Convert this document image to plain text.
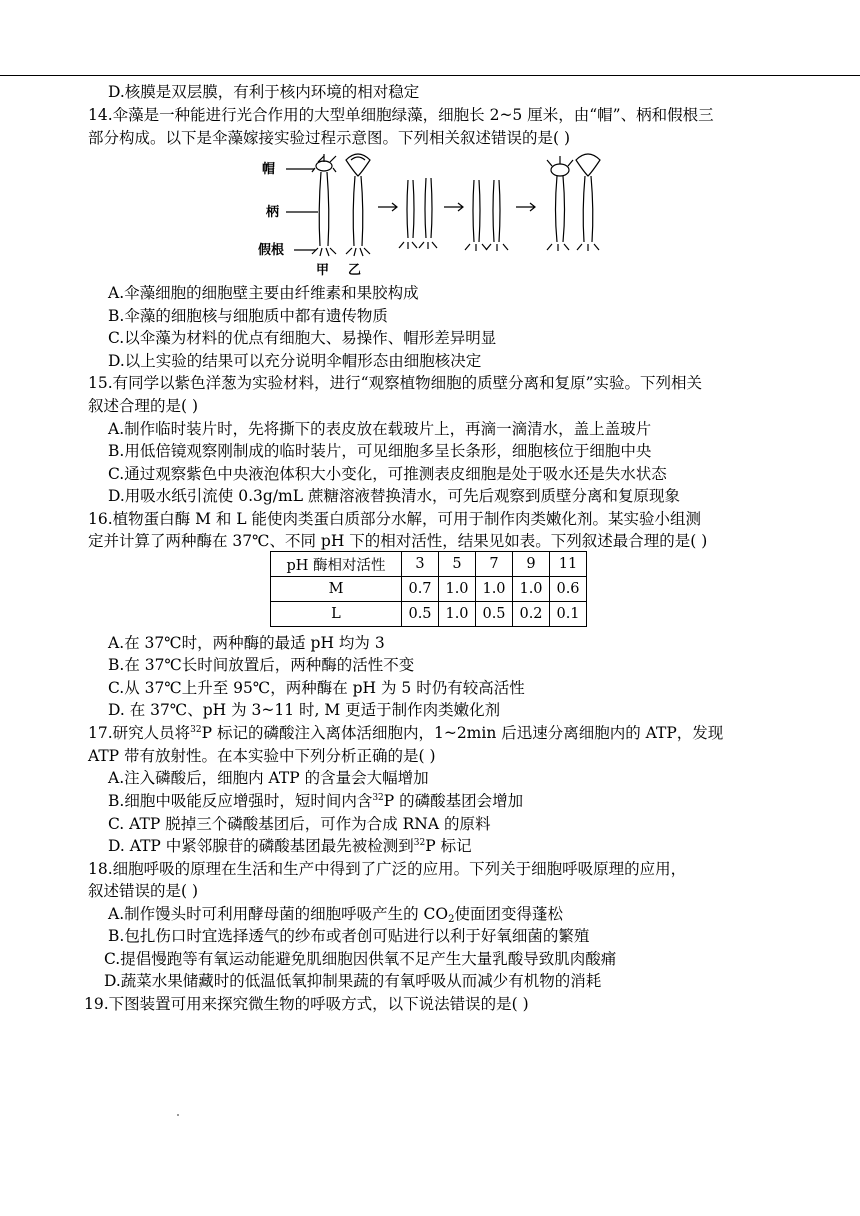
D.核膜是双层膜，有利于核内环境的相对稳定
14.伞藻是一种能进行光合作用的大型单细胞绿藻，细胞长 2~5 厘米，由“帽”、柄和假根三
部分构成。以下是伞藻嫁接实验过程示意图。下列相关叙述错误的是( )
帽
柄
假根
甲 乙
A.伞藻细胞的细胞壁主要由纤维素和果胶构成
B.伞藻的细胞核与细胞质中都有遗传物质
C.以伞藻为材料的优点有细胞大、易操作、帽形差异明显
D.以上实验的结果可以充分说明伞帽形态由细胞核决定
15.有同学以紫色洋葱为实验材料，进行“观察植物细胞的质壁分离和复原”实验。下列相关
叙述合理的是( )
A.制作临时装片时，先将撕下的表皮放在载玻片上，再滴一滴清水，盖上盖玻片
B.用低倍镜观察刚制成的临时装片，可见细胞多呈长条形，细胞核位于细胞中央
C.通过观察紫色中央液泡体积大小变化，可推测表皮细胞是处于吸水还是失水状态
D.用吸水纸引流使 0.3g/mL 蔗糖溶液替换清水，可先后观察到质壁分离和复原现象
16.植物蛋白酶 M 和 L 能使肉类蛋白质部分水解，可用于制作肉类嫩化剂。某实验小组测
定并计算了两种酶在 37℃、不同 pH 下的相对活性，结果见如表。下列叙述最合理的是( )
pH 酶相对活性	3	5	7	9	11
M	0.7	1.0	1.0	1.0	0.6
L	0.5	1.0	0.5	0.2	0.1
A.在 37℃时，两种酶的最适 pH 均为 3
B.在 37℃长时间放置后，两种酶的活性不变
C.从 37℃上升至 95℃，两种酶在 pH 为 5 时仍有较高活性
D. 在 37℃、pH 为 3~11 时, M 更适于制作肉类嫩化剂
17.研究人员将$^{32}$P 标记的磷酸注入离体活细胞内，1~2min 后迅速分离细胞内的 ATP，发现
ATP 带有放射性。在本实验中下列分析正确的是( )
A.注入磷酸后，细胞内 ATP 的含量会大幅增加
B.细胞中吸能反应增强时，短时间内含$^{32}$P 的磷酸基团会增加
C. ATP 脱掉三个磷酸基团后，可作为合成 RNA 的原料
D. ATP 中紧邻腺苷的磷酸基团最先被检测到$^{32}$P 标记
18.细胞呼吸的原理在生活和生产中得到了广泛的应用。下列关于细胞呼吸原理的应用，
叙述错误的是( )
A.制作馒头时可利用酵母菌的细胞呼吸产生的 $CO_2$使面团变得蓬松
B.包扎伤口时宜选择透气的纱布或者创可贴进行以利于好氧细菌的繁殖
C.提倡慢跑等有氧运动能避免肌细胞因供氧不足产生大量乳酸导致肌肉酸痛
D.蔬菜水果储藏时的低温低氧抑制果蔬的有氧呼吸从而减少有机物的消耗
19.下图装置可用来探究微生物的呼吸方式，以下说法错误的是( )
